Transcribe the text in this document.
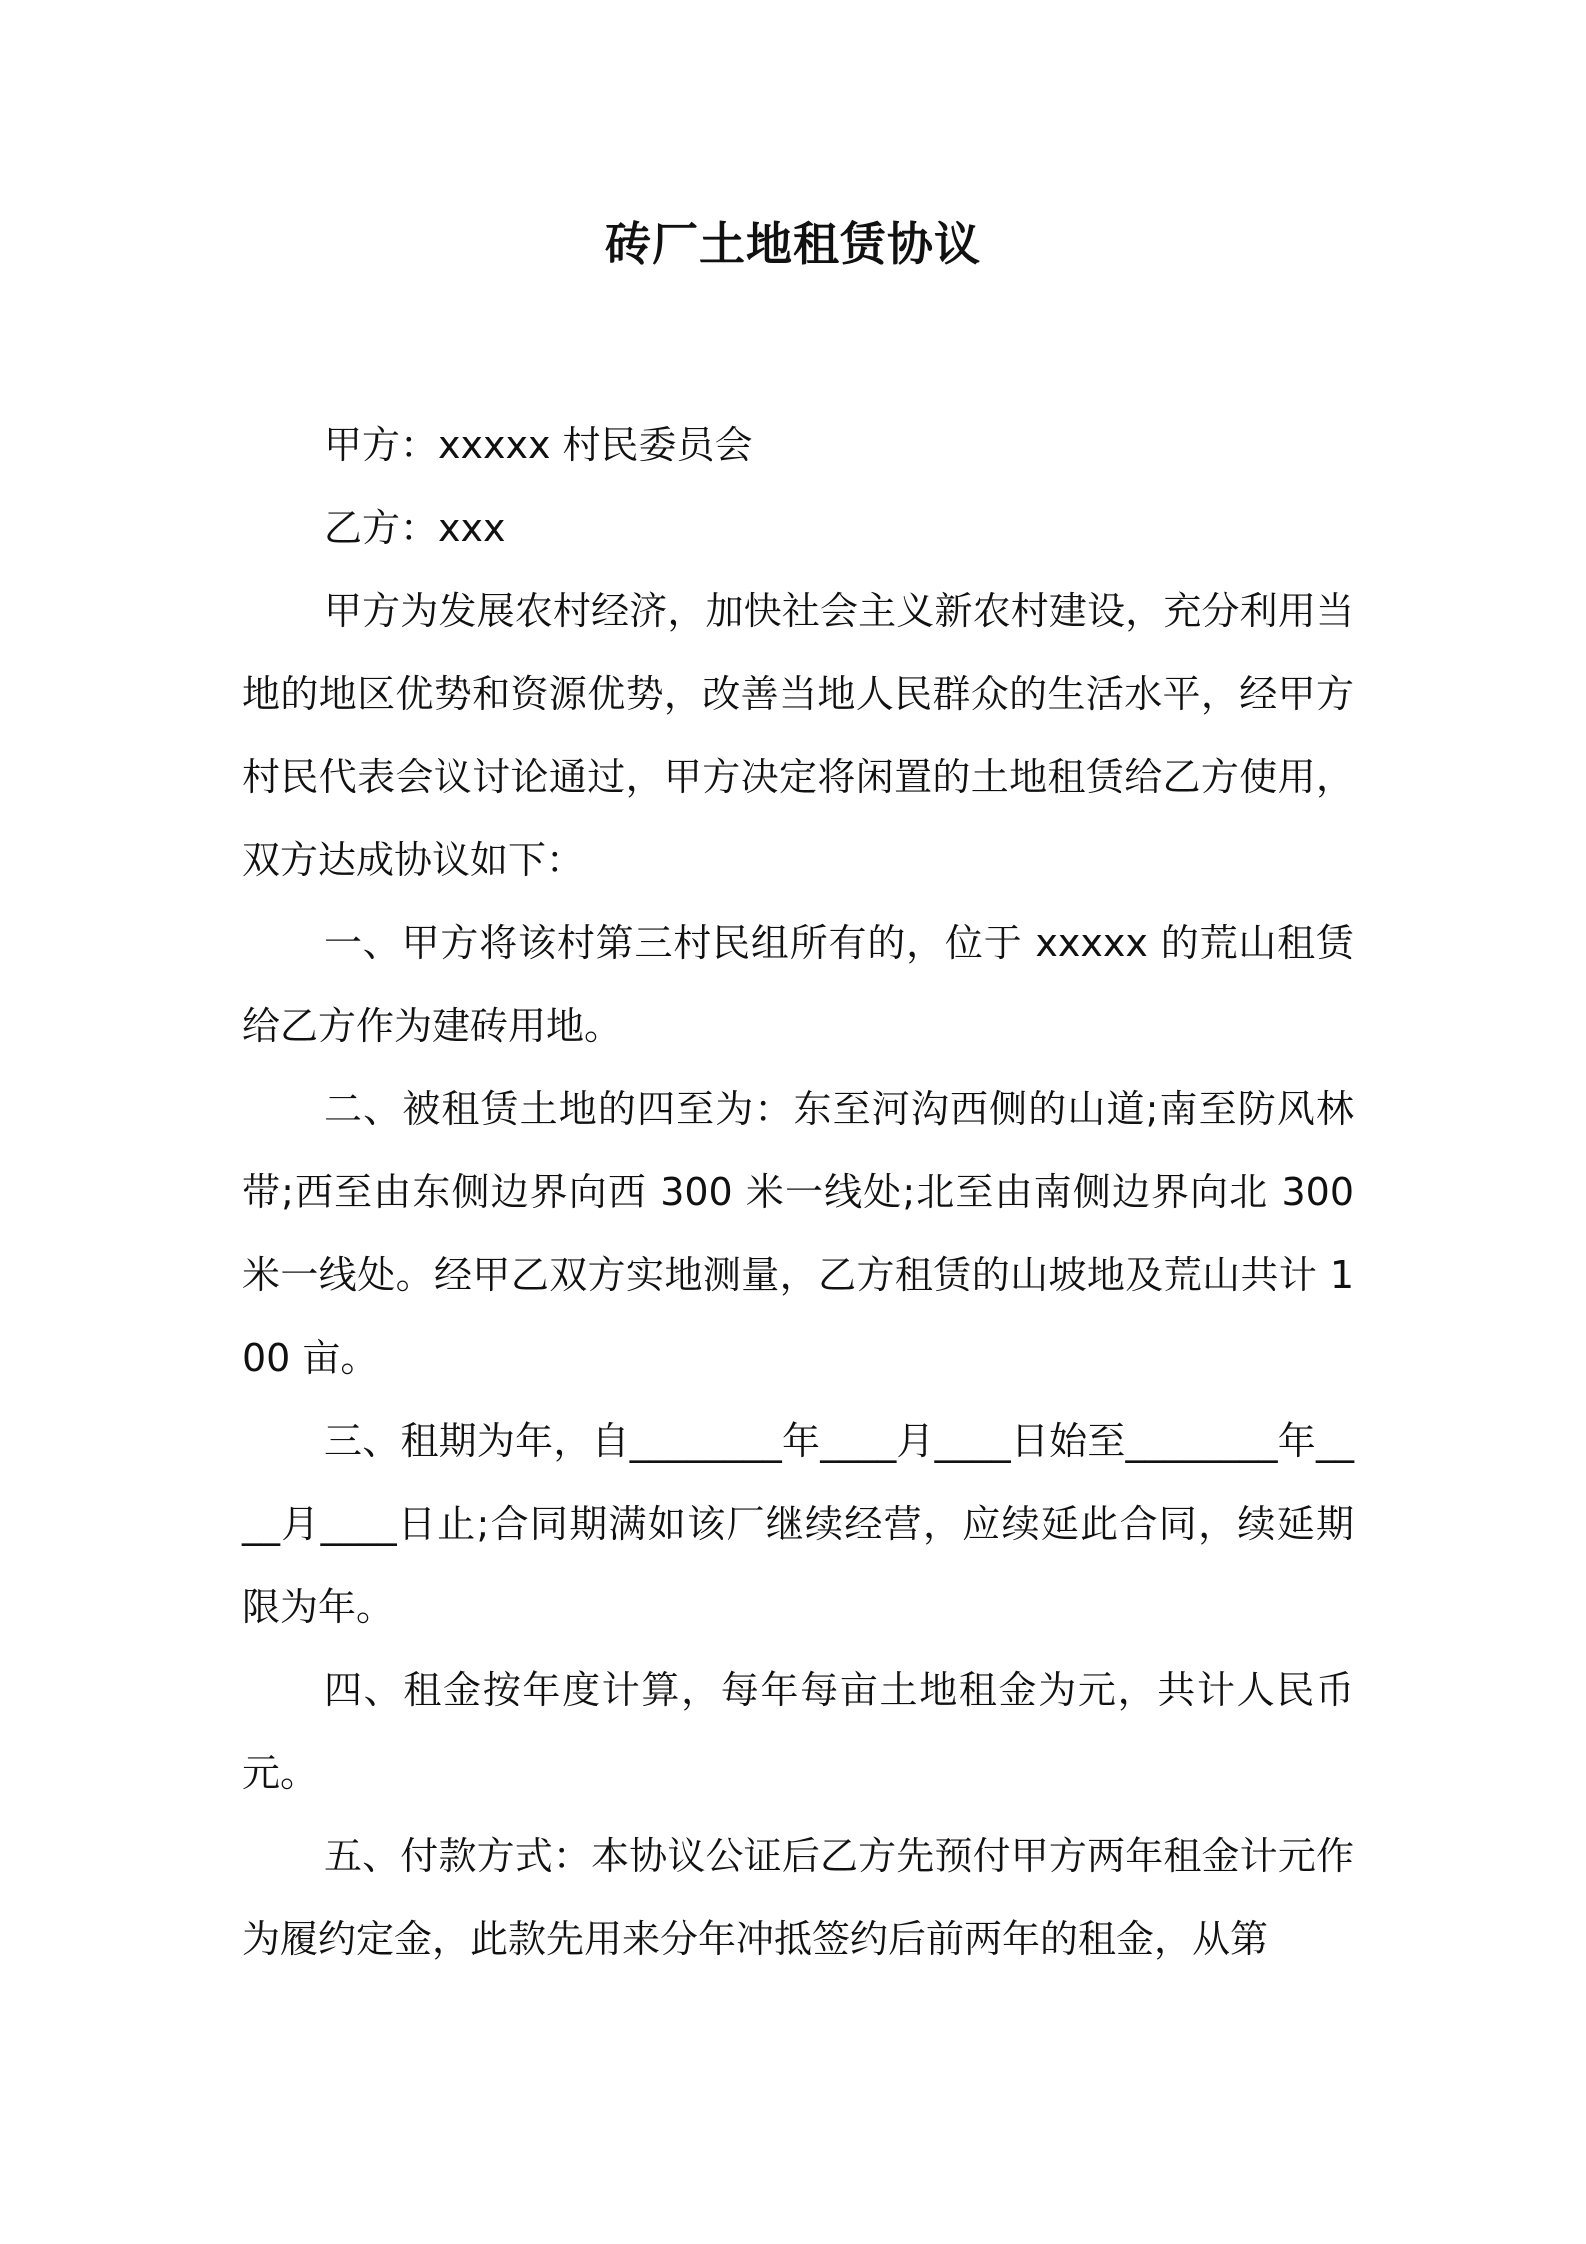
砖厂土地租赁协议

甲方：xxxxx 村民委员会

乙方：xxx

甲方为发展农村经济，加快社会主义新农村建设，充分利用当地的地区优势和资源优势，改善当地人民群众的生活水平，经甲方村民代表会议讨论通过，甲方决定将闲置的土地租赁给乙方使用，双方达成协议如下：

一、甲方将该村第三村民组所有的，位于 xxxxx 的荒山租赁给乙方作为建砖用地。

二、被租赁土地的四至为：东至河沟西侧的山道;南至防风林带;西至由东侧边界向西 300 米一线处;北至由南侧边界向北 300 米一线处。经甲乙双方实地测量，乙方租赁的山坡地及荒山共计 100 亩。

三、租期为年，自________年____月____日始至________年____月____日止;合同期满如该厂继续经营，应续延此合同，续延期限为年。

四、租金按年度计算，每年每亩土地租金为元，共计人民币元。

五、付款方式：本协议公证后乙方先预付甲方两年租金计元作为履约定金，此款先用来分年冲抵签约后前两年的租金，从第
